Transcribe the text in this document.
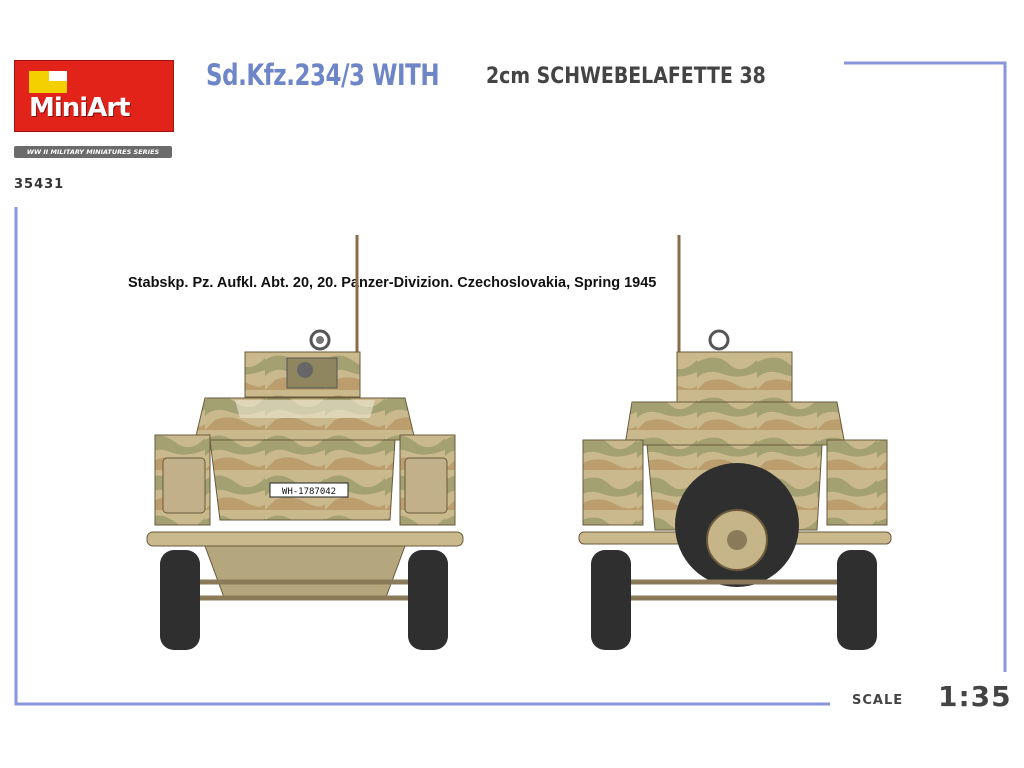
MiniArt
WW II MILITARY MINIATURES SERIES
35431
Sd.Kfz.234/3 WITH 2cm SCHWEBELAFETTE 38
Stabskp. Pz. Aufkl. Abt. 20, 20. Panzer-Divizion. Czechoslovakia, Spring 1945
WH-1787042
SCALE 1:35
